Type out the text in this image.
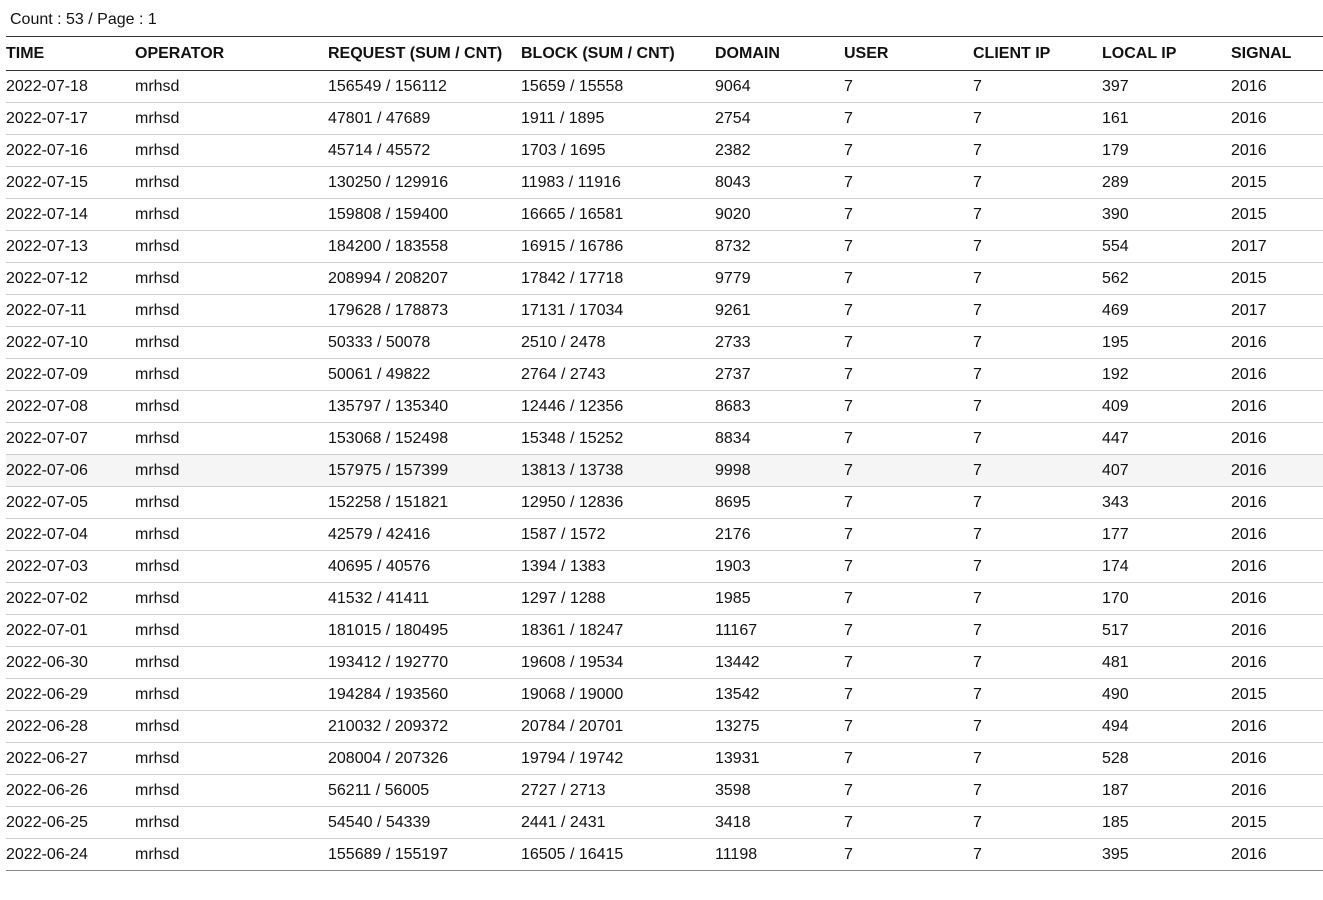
Count : 53 / Page : 1
TIME	OPERATOR	REQUEST (SUM / CNT)	BLOCK (SUM / CNT)	DOMAIN	USER	CLIENT IP	LOCAL IP	SIGNAL
2022-07-18	mrhsd	156549 / 156112	15659 / 15558	9064	7	7	397	2016
2022-07-17	mrhsd	47801 / 47689	1911 / 1895	2754	7	7	161	2016
2022-07-16	mrhsd	45714 / 45572	1703 / 1695	2382	7	7	179	2016
2022-07-15	mrhsd	130250 / 129916	11983 / 11916	8043	7	7	289	2015
2022-07-14	mrhsd	159808 / 159400	16665 / 16581	9020	7	7	390	2015
2022-07-13	mrhsd	184200 / 183558	16915 / 16786	8732	7	7	554	2017
2022-07-12	mrhsd	208994 / 208207	17842 / 17718	9779	7	7	562	2015
2022-07-11	mrhsd	179628 / 178873	17131 / 17034	9261	7	7	469	2017
2022-07-10	mrhsd	50333 / 50078	2510 / 2478	2733	7	7	195	2016
2022-07-09	mrhsd	50061 / 49822	2764 / 2743	2737	7	7	192	2016
2022-07-08	mrhsd	135797 / 135340	12446 / 12356	8683	7	7	409	2016
2022-07-07	mrhsd	153068 / 152498	15348 / 15252	8834	7	7	447	2016
2022-07-06	mrhsd	157975 / 157399	13813 / 13738	9998	7	7	407	2016
2022-07-05	mrhsd	152258 / 151821	12950 / 12836	8695	7	7	343	2016
2022-07-04	mrhsd	42579 / 42416	1587 / 1572	2176	7	7	177	2016
2022-07-03	mrhsd	40695 / 40576	1394 / 1383	1903	7	7	174	2016
2022-07-02	mrhsd	41532 / 41411	1297 / 1288	1985	7	7	170	2016
2022-07-01	mrhsd	181015 / 180495	18361 / 18247	11167	7	7	517	2016
2022-06-30	mrhsd	193412 / 192770	19608 / 19534	13442	7	7	481	2016
2022-06-29	mrhsd	194284 / 193560	19068 / 19000	13542	7	7	490	2015
2022-06-28	mrhsd	210032 / 209372	20784 / 20701	13275	7	7	494	2016
2022-06-27	mrhsd	208004 / 207326	19794 / 19742	13931	7	7	528	2016
2022-06-26	mrhsd	56211 / 56005	2727 / 2713	3598	7	7	187	2016
2022-06-25	mrhsd	54540 / 54339	2441 / 2431	3418	7	7	185	2015
2022-06-24	mrhsd	155689 / 155197	16505 / 16415	11198	7	7	395	2016
